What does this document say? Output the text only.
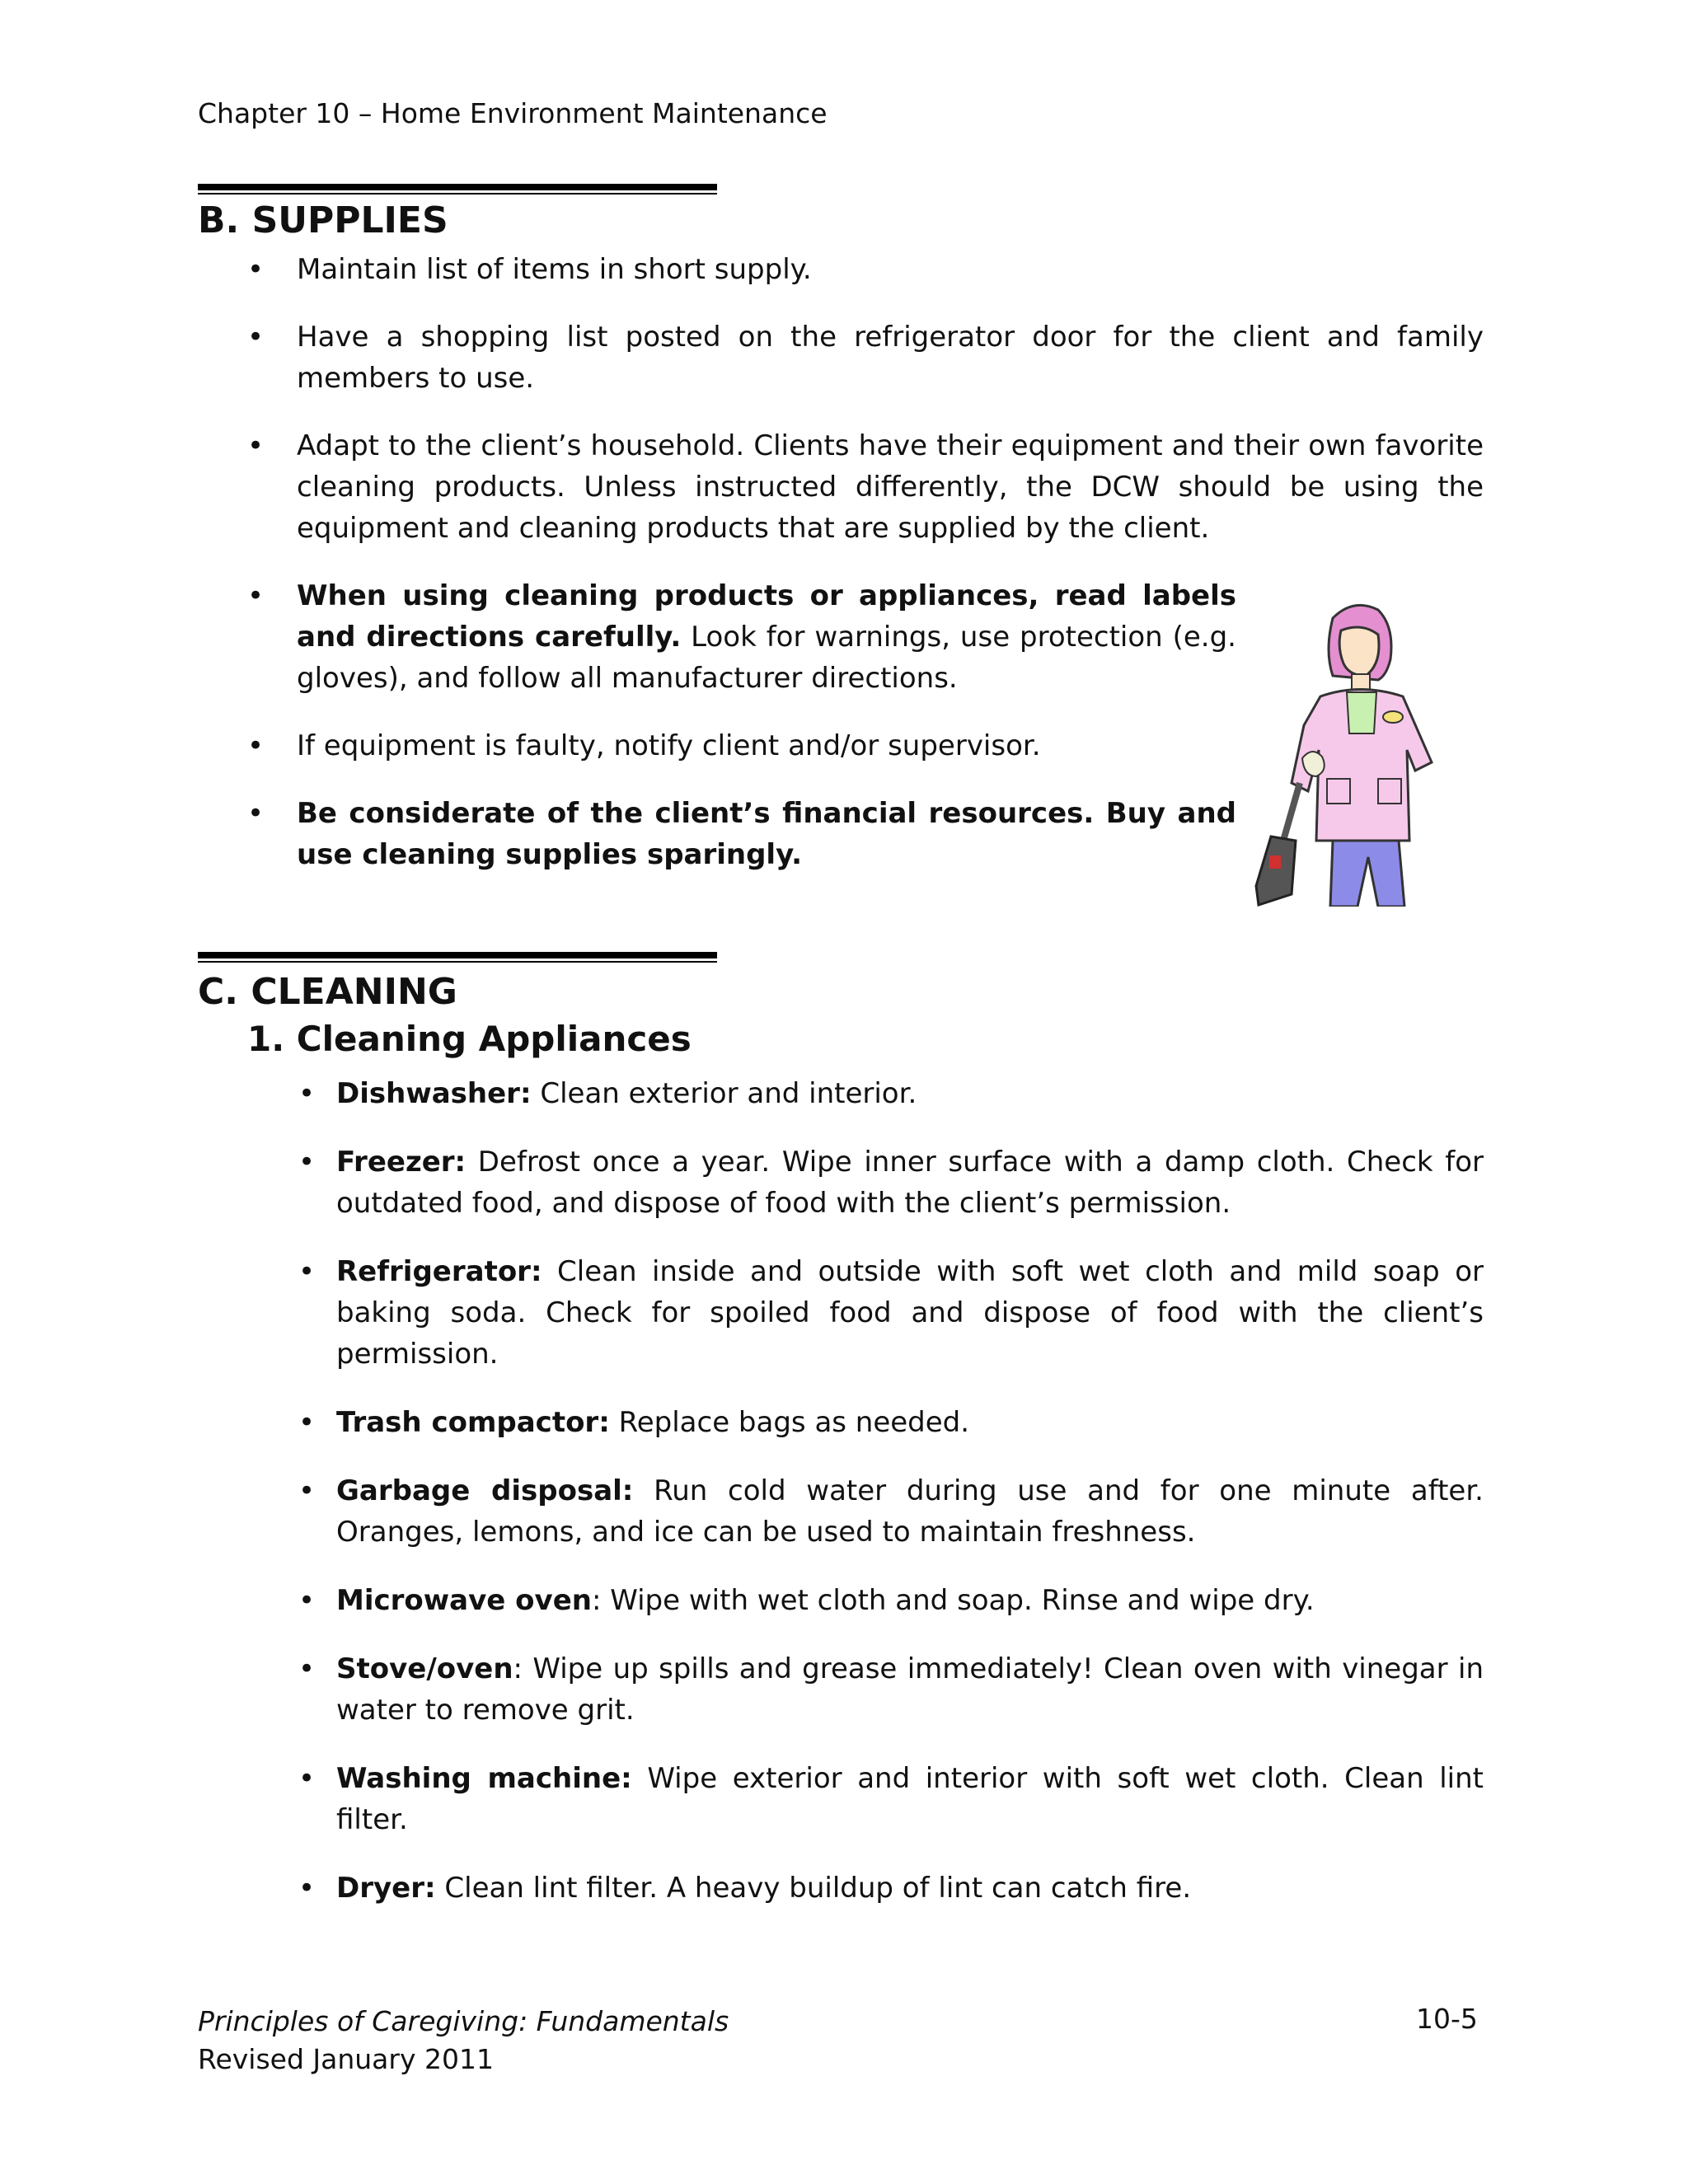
Chapter 10 – Home Environment Maintenance
B. SUPPLIES
• Maintain list of items in short supply.
• Have a shopping list posted on the refrigerator door for the client and family members to use.
• Adapt to the client’s household. Clients have their equipment and their own favorite cleaning products. Unless instructed differently, the DCW should be using the equipment and cleaning products that are supplied by the client.
• When using cleaning products or appliances, read labels and directions carefully. Look for warnings, use protection (e.g. gloves), and follow all manufacturer directions.
• If equipment is faulty, notify client and/or supervisor.
• Be considerate of the client’s financial resources. Buy and use cleaning supplies sparingly.
C. CLEANING
1. Cleaning Appliances
• Dishwasher: Clean exterior and interior.
• Freezer: Defrost once a year. Wipe inner surface with a damp cloth. Check for outdated food, and dispose of food with the client’s permission.
• Refrigerator: Clean inside and outside with soft wet cloth and mild soap or baking soda. Check for spoiled food and dispose of food with the client’s permission.
• Trash compactor: Replace bags as needed.
• Garbage disposal: Run cold water during use and for one minute after. Oranges, lemons, and ice can be used to maintain freshness.
• Microwave oven: Wipe with wet cloth and soap. Rinse and wipe dry.
• Stove/oven: Wipe up spills and grease immediately! Clean oven with vinegar in water to remove grit.
• Washing machine: Wipe exterior and interior with soft wet cloth. Clean lint filter.
• Dryer: Clean lint filter. A heavy buildup of lint can catch fire.
Principles of Caregiving: Fundamentals
Revised January 2011
10-5
